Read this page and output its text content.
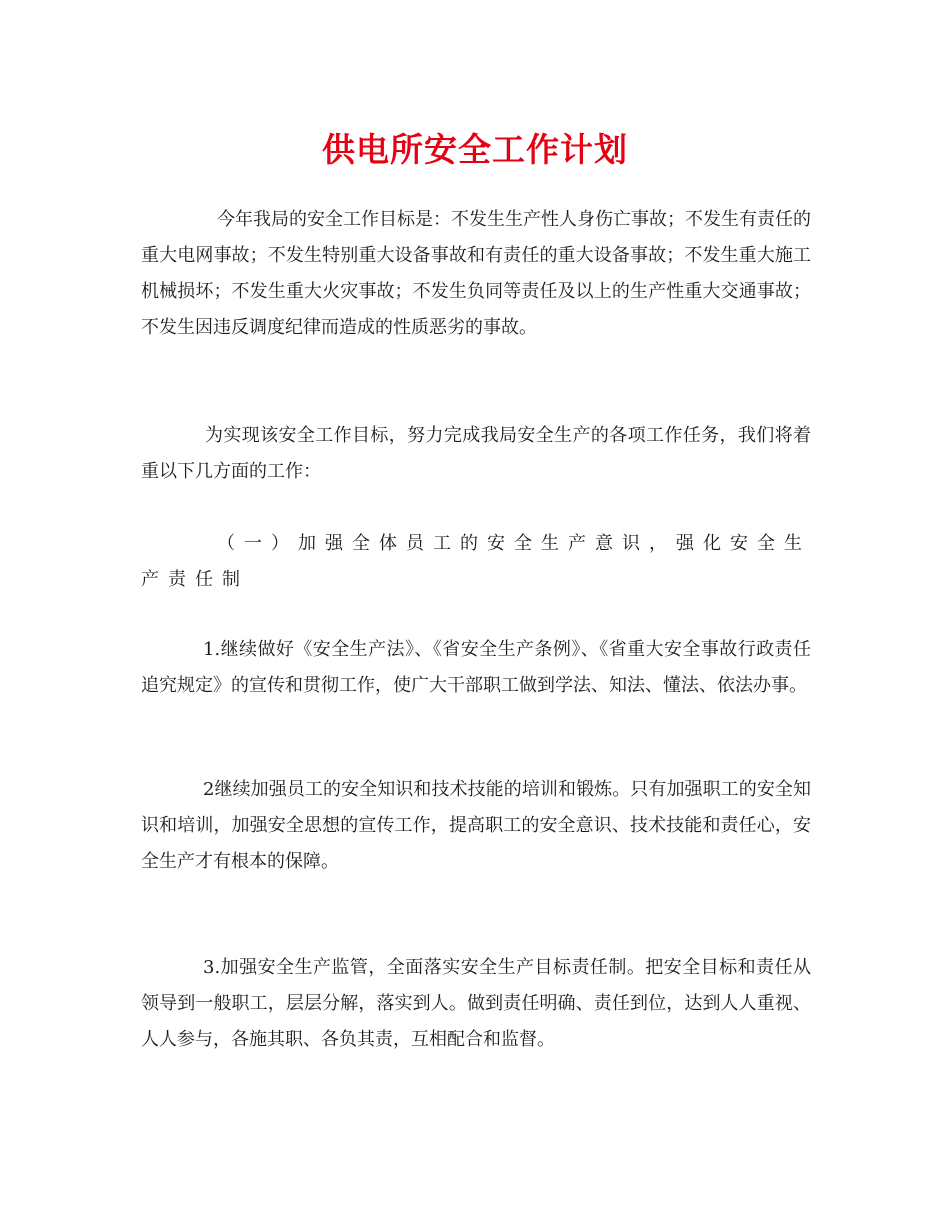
供电所安全工作计划

今年我局的安全工作目标是：不发生生产性人身伤亡事故；不发生有责任的重大电网事故；不发生特别重大设备事故和有责任的重大设备事故；不发生重大施工机械损坏；不发生重大火灾事故；不发生负同等责任及以上的生产性重大交通事故；不发生因违反调度纪律而造成的性质恶劣的事故。

为实现该安全工作目标，努力完成我局安全生产的各项工作任务，我们将着重以下几方面的工作：

（一）加强全体员工的安全生产意识，强化安全生产责任制

1.继续做好《安全生产法》、《省安全生产条例》、《省重大安全事故行政责任追究规定》的宣传和贯彻工作，使广大干部职工做到学法、知法、懂法、依法办事。

2继续加强员工的安全知识和技术技能的培训和锻炼。只有加强职工的安全知识和培训，加强安全思想的宣传工作，提高职工的安全意识、技术技能和责任心，安全生产才有根本的保障。

3.加强安全生产监管，全面落实安全生产目标责任制。把安全目标和责任从领导到一般职工，层层分解，落实到人。做到责任明确、责任到位，达到人人重视、人人参与，各施其职、各负其责，互相配合和监督。
